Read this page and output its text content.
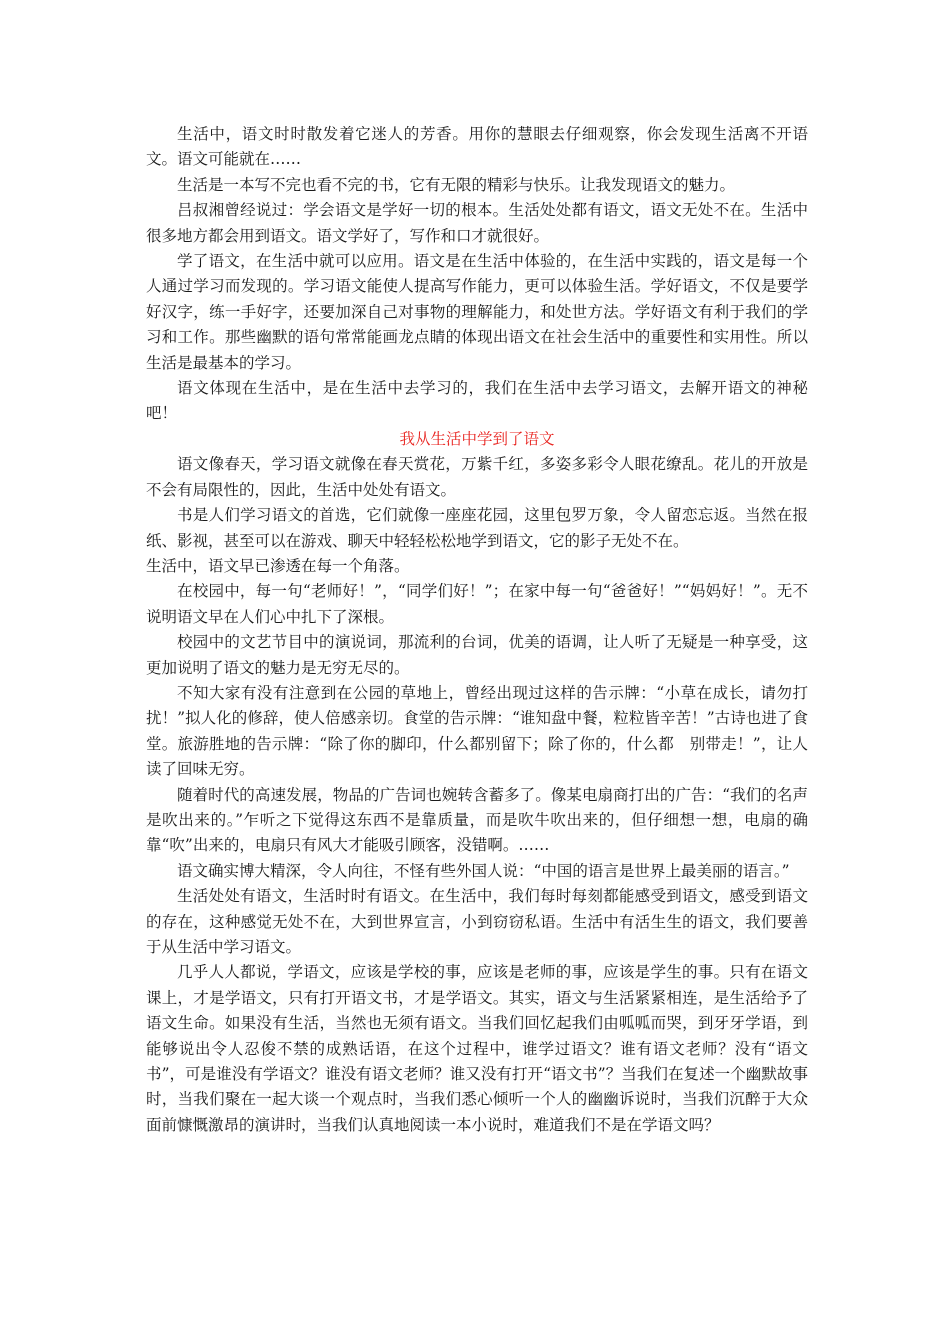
生活中，语文时时散发着它迷人的芳香。用你的慧眼去仔细观察，你会发现生活离不开语文。语文可能就在……

生活是一本写不完也看不完的书，它有无限的精彩与快乐。让我发现语文的魅力。

吕叔湘曾经说过：学会语文是学好一切的根本。生活处处都有语文，语文无处不在。生活中很多地方都会用到语文。语文学好了，写作和口才就很好。

学了语文，在生活中就可以应用。语文是在生活中体验的，在生活中实践的，语文是每一个人通过学习而发现的。学习语文能使人提高写作能力，更可以体验生活。学好语文，不仅是要学好汉字，练一手好字，还要加深自己对事物的理解能力，和处世方法。学好语文有利于我们的学习和工作。那些幽默的语句常常能画龙点睛的体现出语文在社会生活中的重要性和实用性。所以生活是最基本的学习。

语文体现在生活中，是在生活中去学习的，我们在生活中去学习语文，去解开语文的神秘吧！

我从生活中学到了语文

语文像春天，学习语文就像在春天赏花，万紫千红，多姿多彩令人眼花缭乱。花儿的开放是不会有局限性的，因此，生活中处处有语文。

书是人们学习语文的首选，它们就像一座座花园，这里包罗万象，令人留恋忘返。当然在报纸、影视，甚至可以在游戏、聊天中轻轻松松地学到语文，它的影子无处不在。

生活中，语文早已渗透在每一个角落。

在校园中，每一句“老师好！”，“同学们好！”；在家中每一句“爸爸好！”“妈妈好！”。无不说明语文早在人们心中扎下了深根。

校园中的文艺节目中的演说词，那流利的台词，优美的语调，让人听了无疑是一种享受，这更加说明了语文的魅力是无穷无尽的。

不知大家有没有注意到在公园的草地上，曾经出现过这样的告示牌：“小草在成长，请勿打扰！”拟人化的修辞，使人倍感亲切。食堂的告示牌：“谁知盘中餐，粒粒皆辛苦！”古诗也进了食堂。旅游胜地的告示牌：“除了你的脚印，什么都别留下；除了你的，什么都　别带走！”，让人读了回味无穷。

随着时代的高速发展，物品的广告词也婉转含蓄多了。像某电扇商打出的广告：“我们的名声是吹出来的。”乍听之下觉得这东西不是靠质量，而是吹牛吹出来的，但仔细想一想，电扇的确靠“吹”出来的，电扇只有风大才能吸引顾客，没错啊。……

语文确实博大精深，令人向往，不怪有些外国人说：“中国的语言是世界上最美丽的语言。”

生活处处有语文，生活时时有语文。在生活中，我们每时每刻都能感受到语文，感受到语文的存在，这种感觉无处不在，大到世界宣言，小到窃窃私语。生活中有活生生的语文，我们要善于从生活中学习语文。

几乎人人都说，学语文，应该是学校的事，应该是老师的事，应该是学生的事。只有在语文课上，才是学语文，只有打开语文书，才是学语文。其实，语文与生活紧紧相连，是生活给予了语文生命。如果没有生活，当然也无须有语文。当我们回忆起我们由呱呱而哭，到牙牙学语，到能够说出令人忍俊不禁的成熟话语，在这个过程中，谁学过语文？谁有语文老师？没有“语文书”，可是谁没有学语文？谁没有语文老师？谁又没有打开“语文书”？当我们在复述一个幽默故事时，当我们聚在一起大谈一个观点时，当我们悉心倾听一个人的幽幽诉说时，当我们沉醉于大众面前慷慨激昂的演讲时，当我们认真地阅读一本小说时，难道我们不是在学语文吗？
